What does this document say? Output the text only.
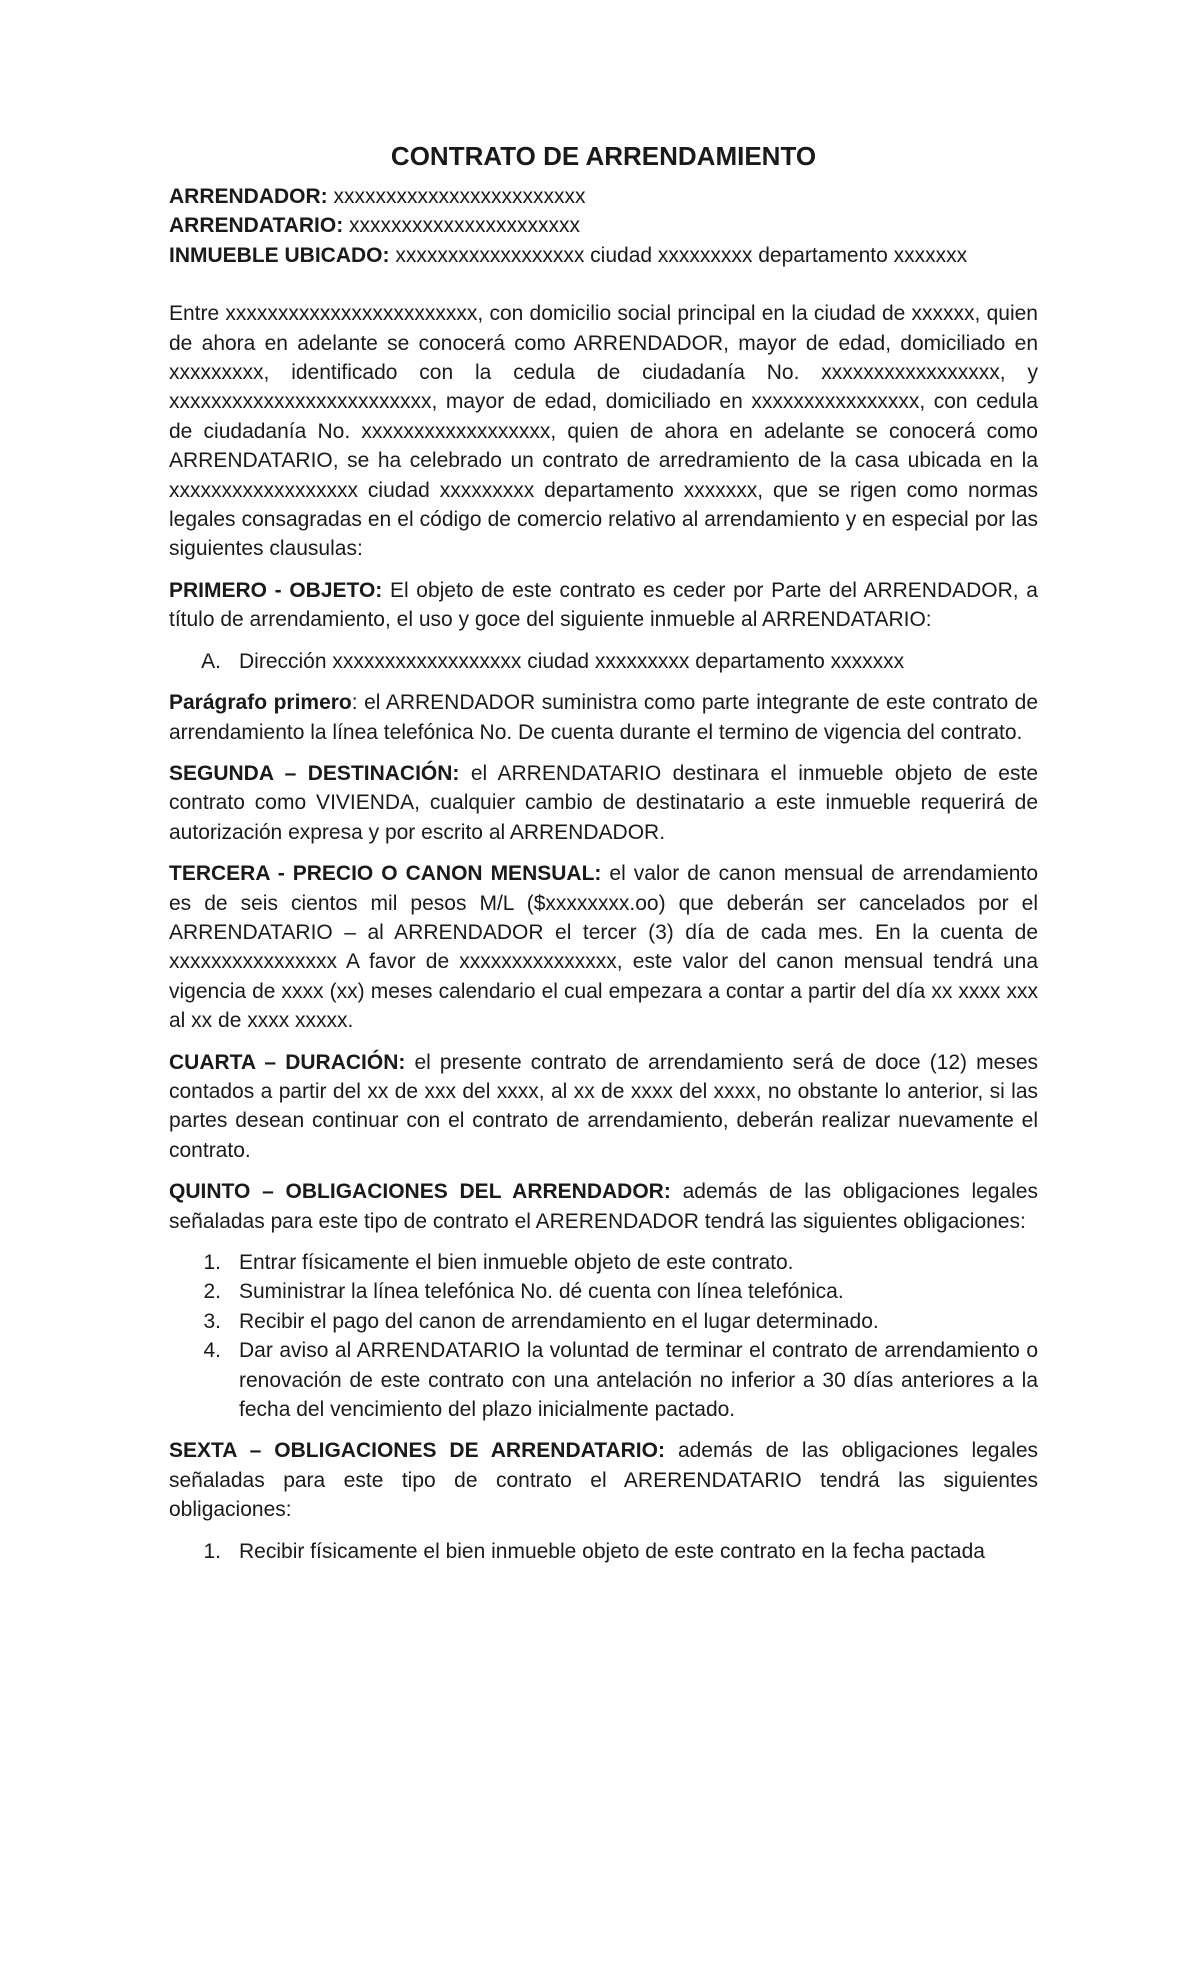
CONTRATO DE ARRENDAMIENTO
ARRENDADOR: xxxxxxxxxxxxxxxxxxxxxxxx
ARRENDATARIO: xxxxxxxxxxxxxxxxxxxxxx
INMUEBLE UBICADO: xxxxxxxxxxxxxxxxxx ciudad xxxxxxxxx departamento xxxxxxx

Entre xxxxxxxxxxxxxxxxxxxxxxxx, con domicilio social principal en la ciudad de xxxxxx, quien de ahora en adelante se conocerá como ARRENDADOR, mayor de edad, domiciliado en xxxxxxxxx, identificado con la cedula de ciudadanía No. xxxxxxxxxxxxxxxxx, y xxxxxxxxxxxxxxxxxxxxxxxxx, mayor de edad, domiciliado en xxxxxxxxxxxxxxxx, con cedula de ciudadanía No. xxxxxxxxxxxxxxxxxx, quien de ahora en adelante se conocerá como ARRENDATARIO, se ha celebrado un contrato de arredramiento de la casa ubicada en la xxxxxxxxxxxxxxxxxx ciudad xxxxxxxxx departamento xxxxxxx, que se rigen como normas legales consagradas en el código de comercio relativo al arrendamiento y en especial por las siguientes clausulas:

PRIMERO - OBJETO: El objeto de este contrato es ceder por Parte del ARRENDADOR, a título de arrendamiento, el uso y goce del siguiente inmueble al ARRENDATARIO:

A. Dirección xxxxxxxxxxxxxxxxxx ciudad xxxxxxxxx departamento xxxxxxx

Parágrafo primero: el ARRENDADOR suministra como parte integrante de este contrato de arrendamiento la línea telefónica No. De cuenta durante el termino de vigencia del contrato.

SEGUNDA – DESTINACIÓN: el ARRENDATARIO destinara el inmueble objeto de este contrato como VIVIENDA, cualquier cambio de destinatario a este inmueble requerirá de autorización expresa y por escrito al ARRENDADOR.

TERCERA - PRECIO O CANON MENSUAL: el valor de canon mensual de arrendamiento es de seis cientos mil pesos M/L ($xxxxxxxx.oo) que deberán ser cancelados por el ARRENDATARIO – al ARRENDADOR el tercer (3) día de cada mes. En la cuenta de xxxxxxxxxxxxxxxx A favor de xxxxxxxxxxxxxxx, este valor del canon mensual tendrá una vigencia de xxxx (xx) meses calendario el cual empezara a contar a partir del día xx xxxx xxx al xx de xxxx xxxxx.

CUARTA – DURACIÓN: el presente contrato de arrendamiento será de doce (12) meses contados a partir del xx de xxx del xxxx, al xx de xxxx del xxxx, no obstante lo anterior, si las partes desean continuar con el contrato de arrendamiento, deberán realizar nuevamente el contrato.

QUINTO – OBLIGACIONES DEL ARRENDADOR: además de las obligaciones legales señaladas para este tipo de contrato el ARERENDADOR tendrá las siguientes obligaciones:

1. Entrar físicamente el bien inmueble objeto de este contrato.
2. Suministrar la línea telefónica No. dé cuenta con línea telefónica.
3. Recibir el pago del canon de arrendamiento en el lugar determinado.
4. Dar aviso al ARRENDATARIO la voluntad de terminar el contrato de arrendamiento o renovación de este contrato con una antelación no inferior a 30 días anteriores a la fecha del vencimiento del plazo inicialmente pactado.

SEXTA – OBLIGACIONES DE ARRENDATARIO: además de las obligaciones legales señaladas para este tipo de contrato el ARERENDATARIO tendrá las siguientes obligaciones:

1. Recibir físicamente el bien inmueble objeto de este contrato en la fecha pactada
